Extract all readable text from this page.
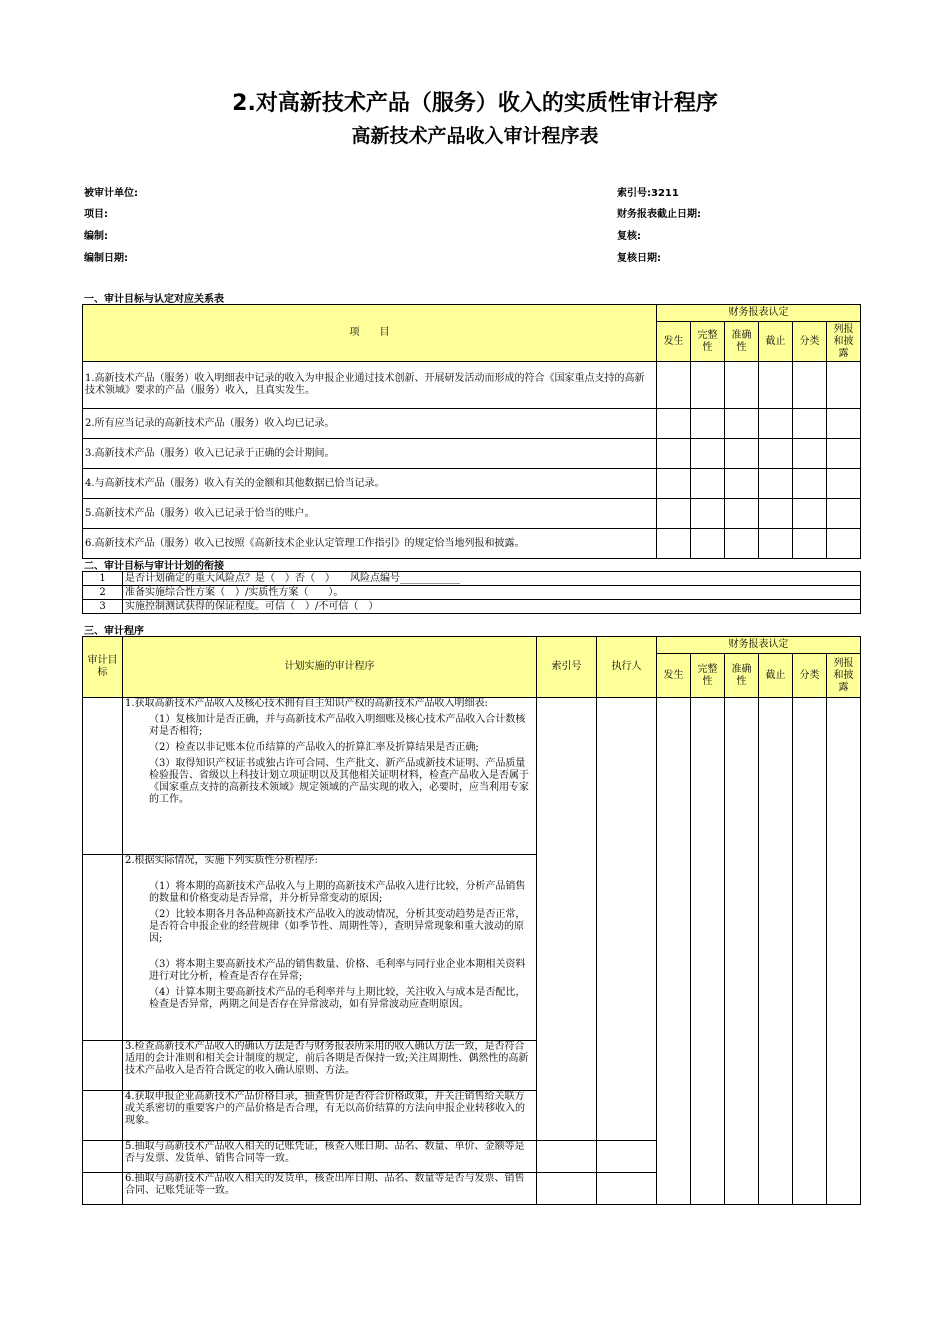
2.对高新技术产品（服务）收入的实质性审计程序
高新技术产品收入审计程序表
被审计单位:
项目:
编制:
编制日期:
索引号:3211
财务报表截止日期:
复核:
复核日期:
一、审计目标与认定对应关系表
项　　目	财务报表认定					
	发生	完整性	准确性	截止	分类	列报和披露
1.高新技术产品（服务）收入明细表中记录的收入为申报企业通过技术创新、开展研发活动而形成的符合《国家重点支持的高新技术领域》要求的产品（服务）收入，且真实发生。						
2.所有应当记录的高新技术产品（服务）收入均已记录。						
3.高新技术产品（服务）收入已记录于正确的会计期间。						
4.与高新技术产品（服务）收入有关的金额和其他数据已恰当记录。						
5.高新技术产品（服务）收入已记录于恰当的账户。						
6.高新技术产品（服务）收入已按照《高新技术企业认定管理工作指引》的规定恰当地列报和披露。						
二、审计目标与审计计划的衔接
1	是否计划确定的重大风险点？是（　）否（　）　　风险点编号____________
2	准备实施综合性方案（　）/实质性方案（　　）。
3	实施控制测试获得的保证程度。可信（　）/不可信（　）
三、审计程序
审计目标	计划实施的审计程序	索引号	执行人	财务报表认定					
				发生	完整性	准确性	截止	分类	列报和披露

	1.获取高新技术产品收入及核心技术拥有自主知识产权的高新技术产品收入明细表:

（1）复核加计是否正确，并与高新技术产品收入明细账及核心技术产品收入合计数核对是否相符;

（2）检查以非记账本位币结算的产品收入的折算汇率及折算结果是否正确;

（3）取得知识产权证书或独占许可合同、生产批文、新产品或新技术证明、产品质量检验报告、省级以上科技计划立项证明以及其他相关证明材料，检查产品收入是否属于《国家重点支持的高新技术领域》规定领域的产品实现的收入，必要时，应当利用专家的工作。								

	2.根据实际情况，实施下列实质性分析程序:

（1）将本期的高新技术产品收入与上期的高新技术产品收入进行比较，分析产品销售的数量和价格变动是否异常，并分析异常变动的原因;

（2）比较本期各月各品种高新技术产品收入的波动情况，分析其变动趋势是否正常，是否符合申报企业的经营规律（如季节性、周期性等），查明异常现象和重大波动的原因;

（3）将本期主要高新技术产品的销售数量、价格、毛利率与同行业企业本期相关资料进行对比分析，检查是否存在异常;

（4）计算本期主要高新技术产品的毛利率并与上期比较，关注收入与成本是否配比，检查是否异常，两期之间是否存在异常波动，如有异常波动应查明原因。								

	3.检查高新技术产品收入的确认方法是否与财务报表所采用的收入确认方法一致，是否符合适用的会计准则和相关会计制度的规定，前后各期是否保持一致;关注周期性、偶然性的高新技术产品收入是否符合既定的收入确认原则、方法。								
	4.获取申报企业高新技术产品价格目录，抽查售价是否符合价格政策，并关注销售给关联方或关系密切的重要客户的产品价格是否合理，有无以高价结算的方法向申报企业转移收入的现象。								
	5.抽取与高新技术产品收入相关的记账凭证，核查入账日期、品名、数量、单价、金额等是否与发票、发货单、销售合同等一致。								
	6.抽取与高新技术产品收入相关的发货单，核查出库日期、品名、数量等是否与发票、销售合同、记账凭证等一致。								
